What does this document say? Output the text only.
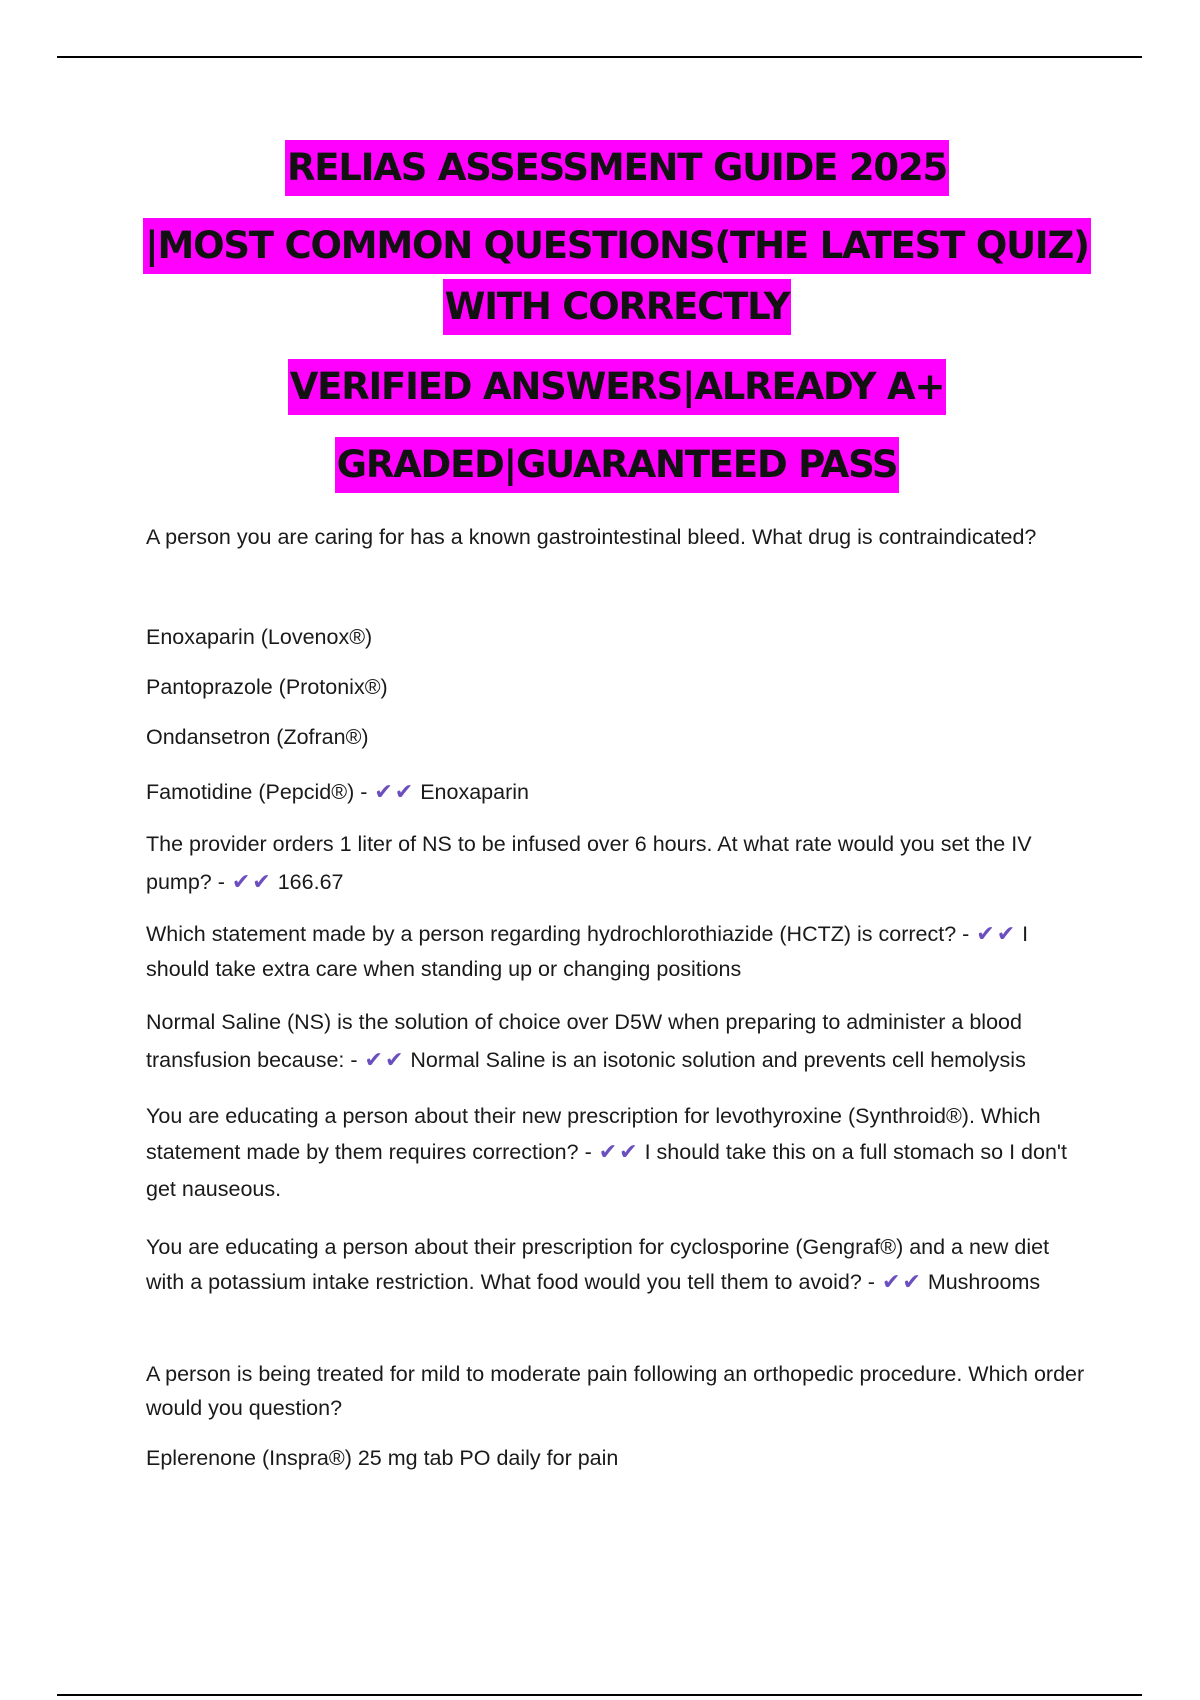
RELIAS ASSESSMENT GUIDE 2025
|MOST COMMON QUESTIONS(THE LATEST QUIZ)
WITH CORRECTLY
VERIFIED ANSWERS|ALREADY A+
GRADED|GUARANTEED PASS

A person you are caring for has a known gastrointestinal bleed. What drug is contraindicated?

Enoxaparin (Lovenox®)

Pantoprazole (Protonix®)

Ondansetron (Zofran®)

Famotidine (Pepcid®) - ✔✔ Enoxaparin

The provider orders 1 liter of NS to be infused over 6 hours. At what rate would you set the IV pump? - ✔✔ 166.67

Which statement made by a person regarding hydrochlorothiazide (HCTZ) is correct? - ✔✔ I should take extra care when standing up or changing positions

Normal Saline (NS) is the solution of choice over D5W when preparing to administer a blood transfusion because: - ✔✔ Normal Saline is an isotonic solution and prevents cell hemolysis

You are educating a person about their new prescription for levothyroxine (Synthroid®). Which statement made by them requires correction? - ✔✔ I should take this on a full stomach so I don't get nauseous.

You are educating a person about their prescription for cyclosporine (Gengraf®) and a new diet with a potassium intake restriction. What food would you tell them to avoid? - ✔✔ Mushrooms

A person is being treated for mild to moderate pain following an orthopedic procedure. Which order would you question?

Eplerenone (Inspra®) 25 mg tab PO daily for pain
